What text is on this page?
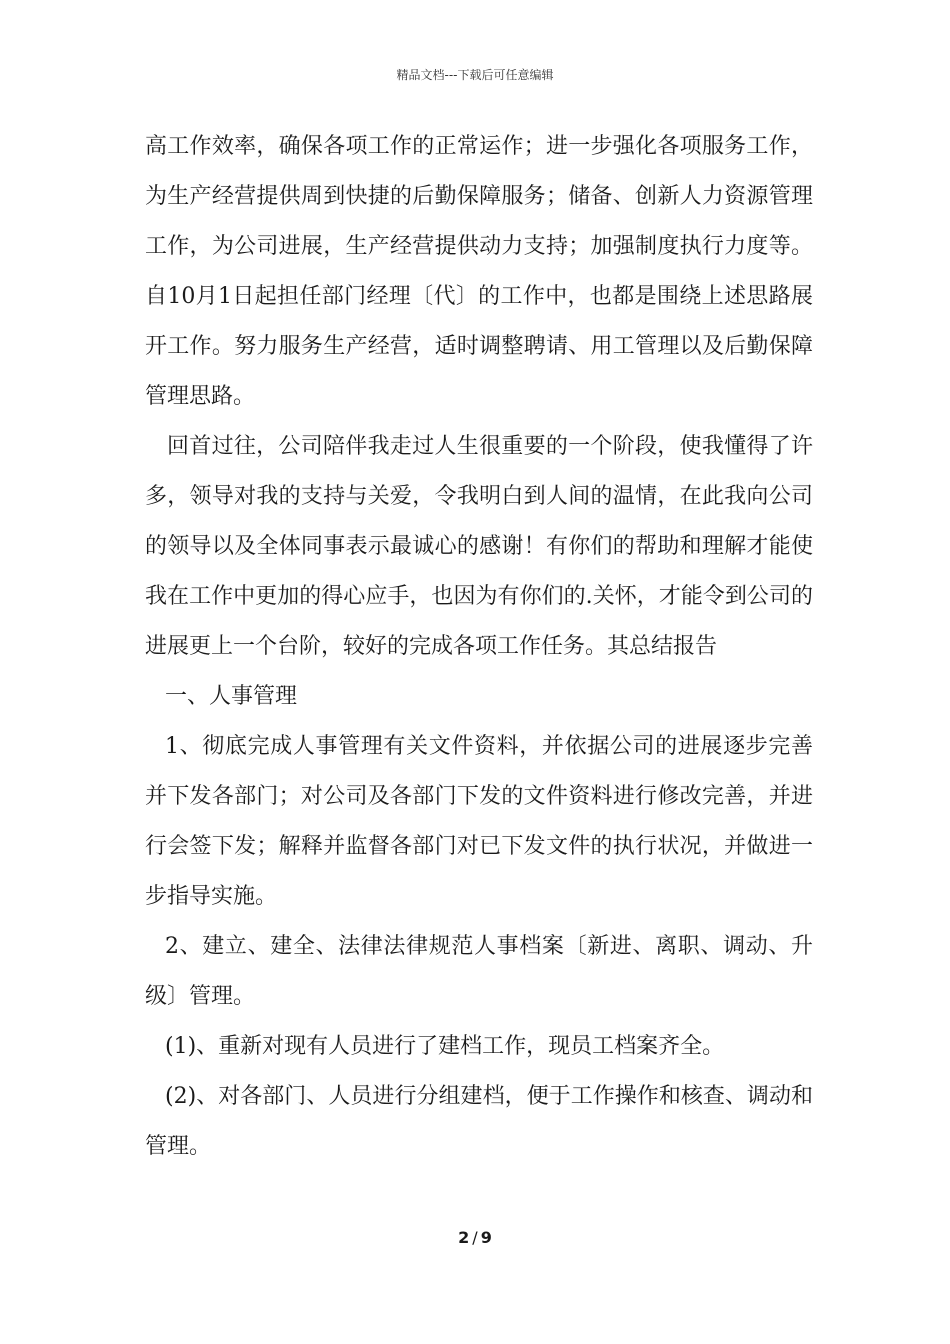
精品文档---下载后可任意编辑

高工作效率，确保各项工作的正常运作；进一步强化各项服务工作，为生产经营提供周到快捷的后勤保障服务；储备、创新人力资源管理工作，为公司进展，生产经营提供动力支持；加强制度执行力度等。自10月1日起担任部门经理〔代〕的工作中，也都是围绕上述思路展开工作。努力服务生产经营，适时调整聘请、用工管理以及后勤保障管理思路。

回首过往，公司陪伴我走过人生很重要的一个阶段，使我懂得了许多，领导对我的支持与关爱，令我明白到人间的温情，在此我向公司的领导以及全体同事表示最诚心的感谢！有你们的帮助和理解才能使我在工作中更加的得心应手，也因为有你们的.关怀，才能令到公司的进展更上一个台阶，较好的完成各项工作任务。其总结报告

一、人事管理

1、彻底完成人事管理有关文件资料，并依据公司的进展逐步完善并下发各部门；对公司及各部门下发的文件资料进行修改完善，并进行会签下发；解释并监督各部门对已下发文件的执行状况，并做进一步指导实施。

2、建立、建全、法律法律规范人事档案〔新进、离职、调动、升级〕管理。

(1)、重新对现有人员进行了建档工作，现员工档案齐全。

(2)、对各部门、人员进行分组建档，便于工作操作和核查、调动和管理。

2 / 9
